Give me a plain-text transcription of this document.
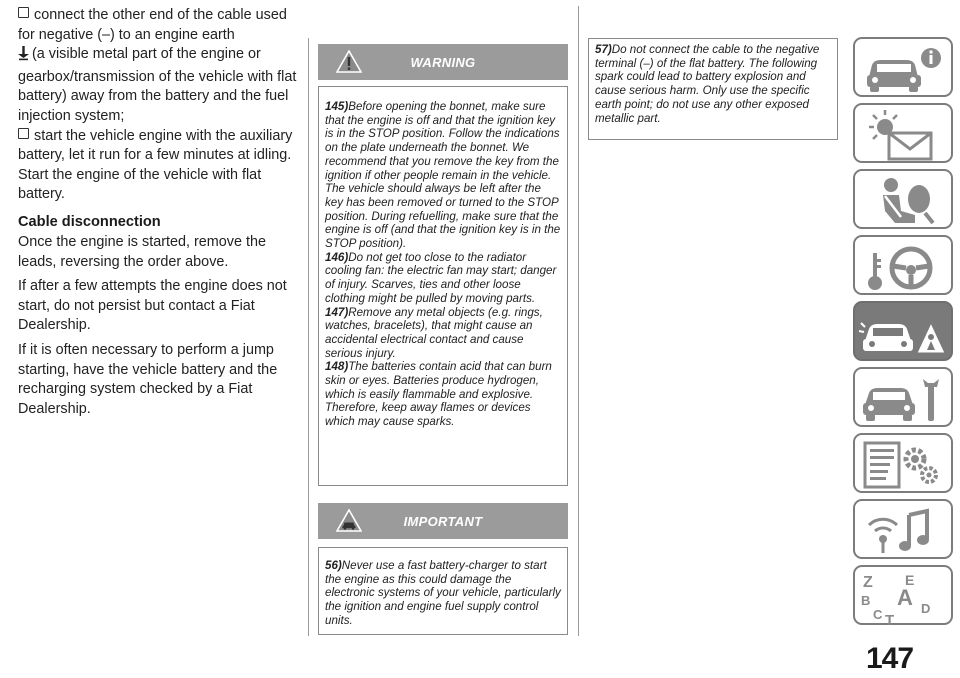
connect the other end of the cable used for negative (–) to an engine earth
(a visible metal part of the engine or gearbox/transmission of the vehicle with flat battery) away from the battery and the fuel injection system;

start the vehicle engine with the auxiliary battery, let it run for a few minutes at idling. Start the engine of the vehicle with flat battery.

Cable disconnection

Once the engine is started, remove the leads, reversing the order above.

If after a few attempts the engine does not start, do not persist but contact a Fiat Dealership.

If it is often necessary to perform a jump starting, have the vehicle battery and the recharging system checked by a Fiat Dealership.

WARNING
145)Before opening the bonnet, make sure that the engine is off and that the ignition key is in the STOP position. Follow the indications on the plate underneath the bonnet. We recommend that you remove the key from the ignition if other people remain in the vehicle. The vehicle should always be left after the key has been removed or turned to the STOP position. During refuelling, make sure that the engine is off (and that the ignition key is in the STOP position).
146)Do not get too close to the radiator cooling fan: the electric fan may start; danger of injury. Scarves, ties and other loose clothing might be pulled by moving parts.
147)Remove any metal objects (e.g. rings, watches, bracelets), that might cause an accidental electrical contact and cause serious injury.
148)The batteries contain acid that can burn skin or eyes. Batteries produce hydrogen, which is easily flammable and explosive. Therefore, keep away flames or devices which may cause sparks.
IMPORTANT
56)Never use a fast battery-charger to start the engine as this could damage the electronic systems of your vehicle, particularly the ignition and engine fuel supply control units.
57)Do not connect the cable to the negative terminal (–) of the flat battery. The following spark could lead to battery explosion and cause serious harm. Only use the specific earth point; do not use any other exposed metallic part.
Z E
B A
C	D
T
147
